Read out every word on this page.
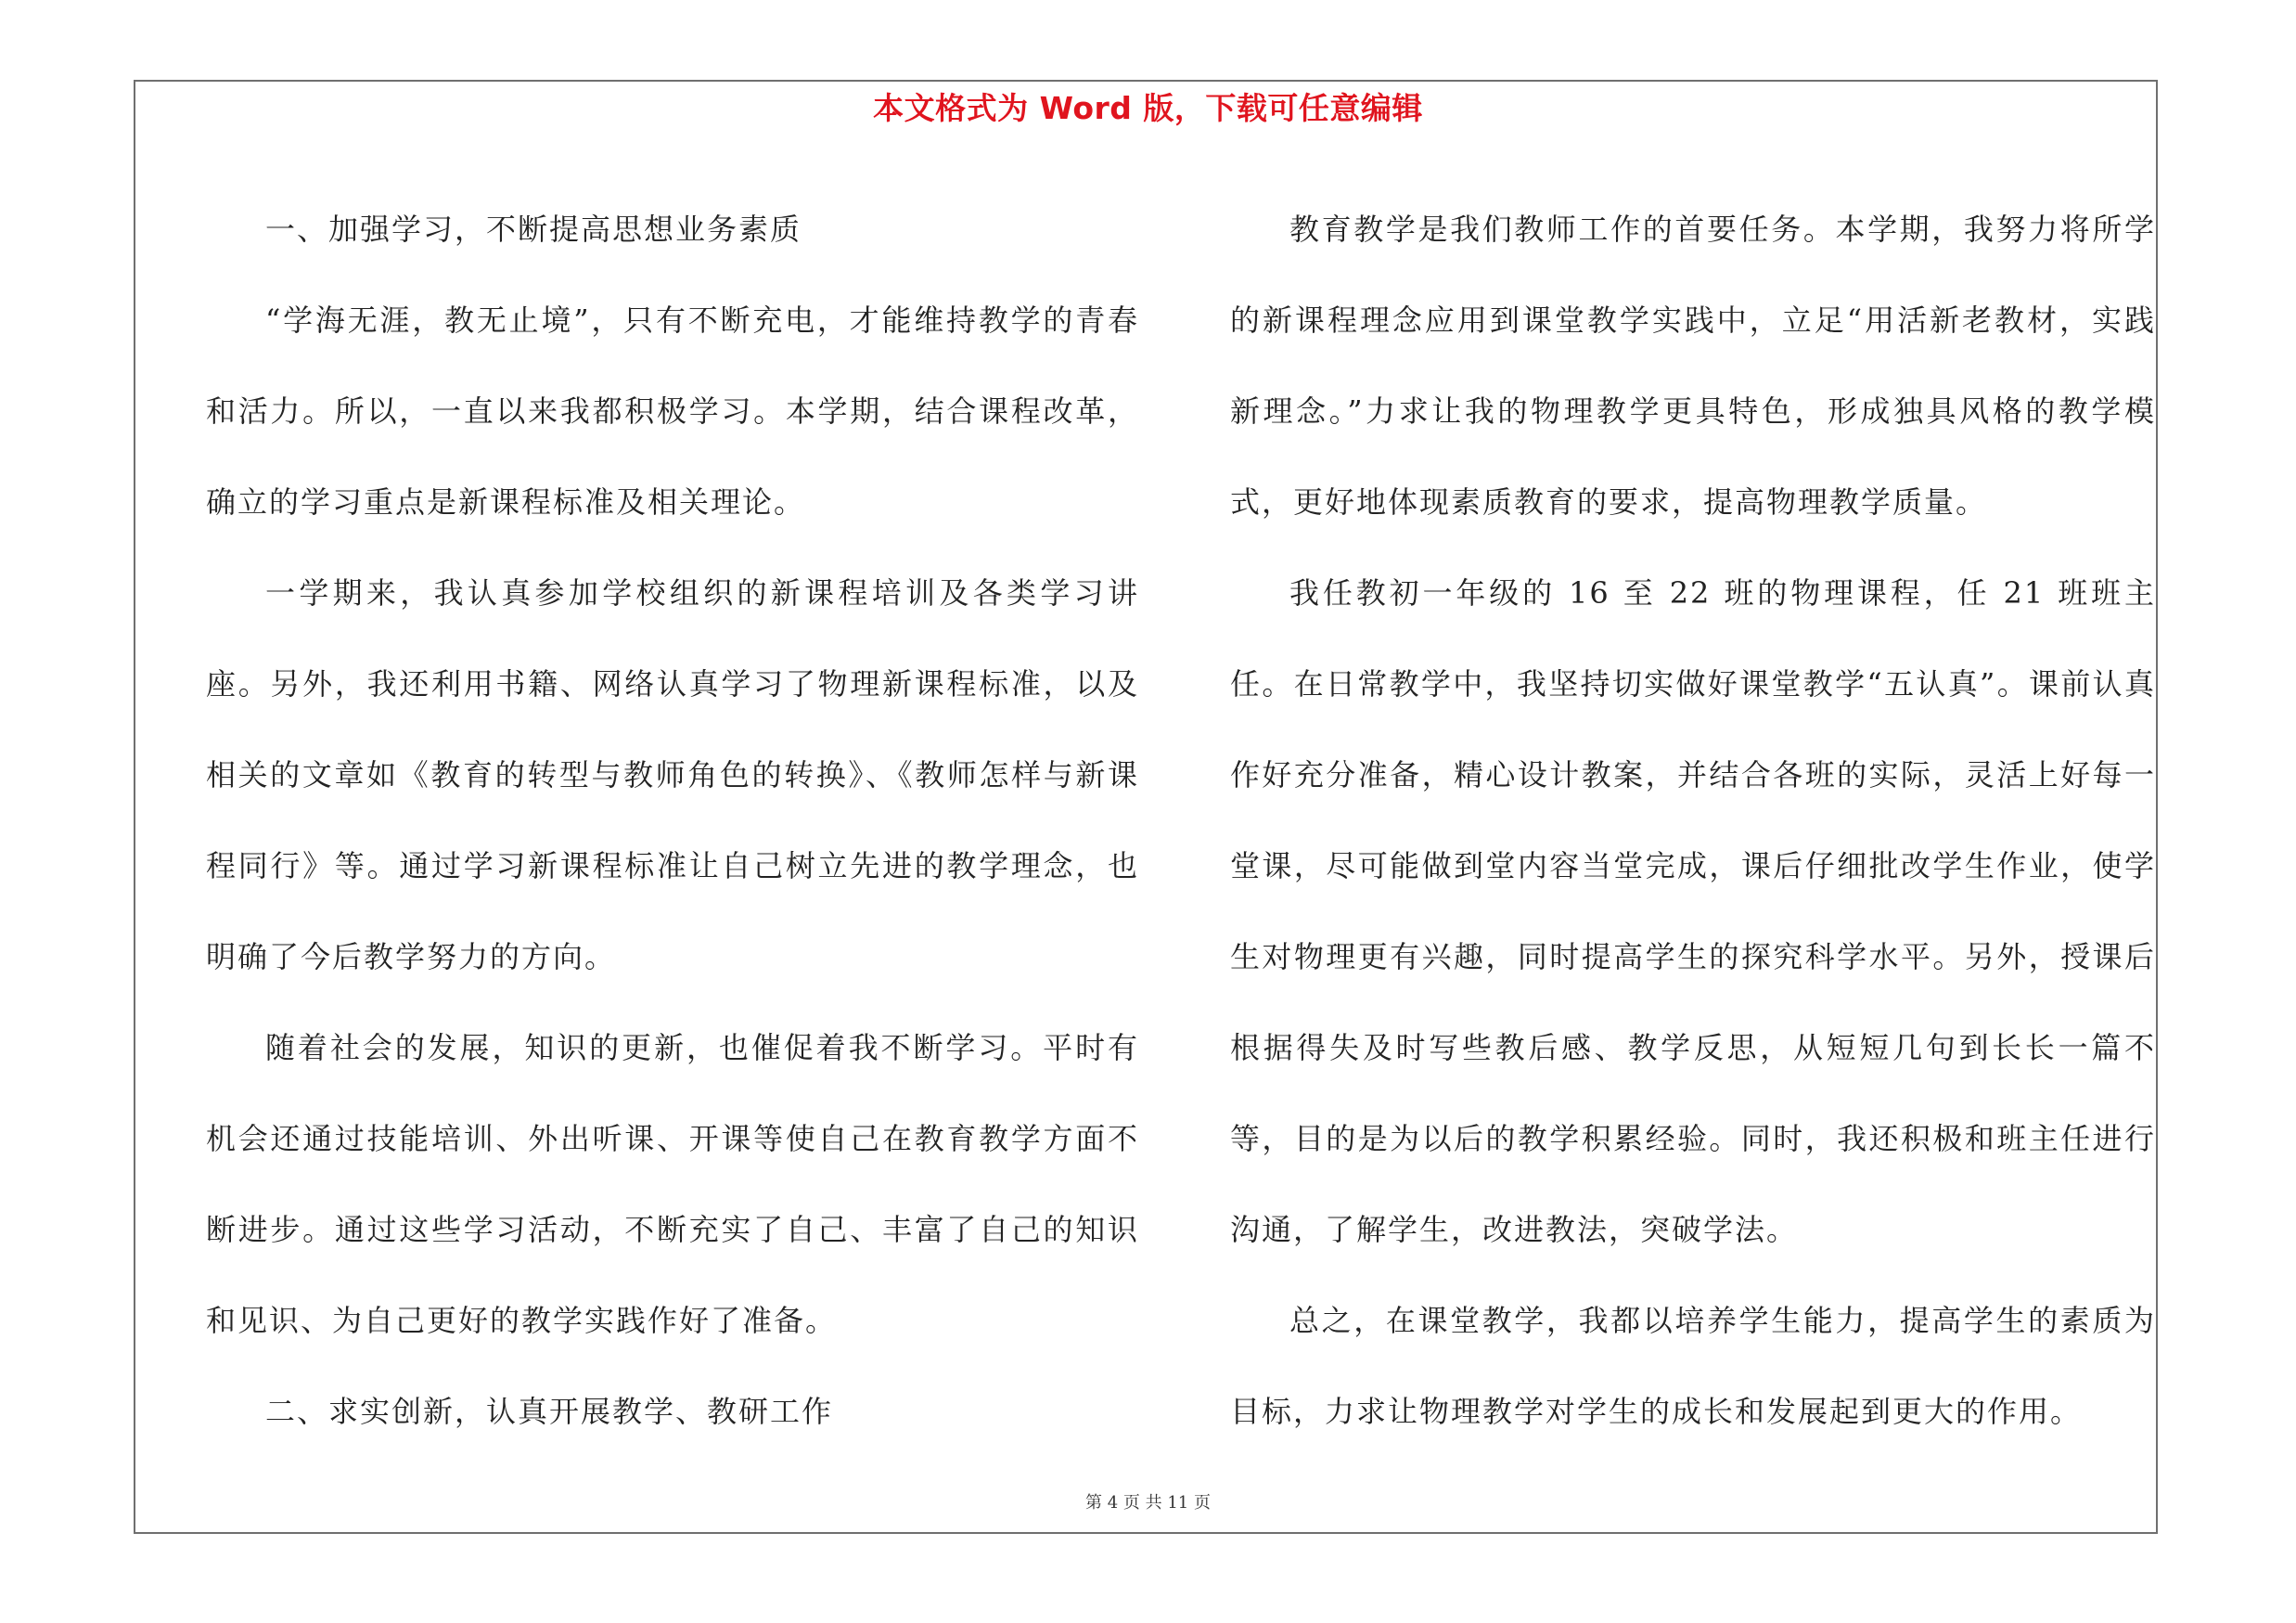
本文格式为 Word 版，下载可任意编辑

一、加强学习，不断提高思想业务素质

“学海无涯，教无止境”，只有不断充电，才能维持教学的青春和活力。所以，一直以来我都积极学习。本学期，结合课程改革，确立的学习重点是新课程标准及相关理论。

一学期来，我认真参加学校组织的新课程培训及各类学习讲座。另外，我还利用书籍、网络认真学习了物理新课程标准，以及相关的文章如《教育的转型与教师角色的转换》、《教师怎样与新课程同行》等。通过学习新课程标准让自己树立先进的教学理念，也明确了今后教学努力的方向。

随着社会的发展，知识的更新，也催促着我不断学习。平时有机会还通过技能培训、外出听课、开课等使自己在教育教学方面不断进步。通过这些学习活动，不断充实了自己、丰富了自己的知识和见识、为自己更好的教学实践作好了准备。

二、求实创新，认真开展教学、教研工作

教育教学是我们教师工作的首要任务。本学期，我努力将所学的新课程理念应用到课堂教学实践中，立足“用活新老教材，实践新理念。”力求让我的物理教学更具特色，形成独具风格的教学模式，更好地体现素质教育的要求，提高物理教学质量。

我任教初一年级的 16 至 22 班的物理课程，任 21 班班主任。在日常教学中，我坚持切实做好课堂教学“五认真”。课前认真作好充分准备，精心设计教案，并结合各班的实际，灵活上好每一堂课，尽可能做到堂内容当堂完成，课后仔细批改学生作业，使学生对物理更有兴趣，同时提高学生的探究科学水平。另外，授课后根据得失及时写些教后感、教学反思，从短短几句到长长一篇不等，目的是为以后的教学积累经验。同时，我还积极和班主任进行沟通，了解学生，改进教法，突破学法。

总之，在课堂教学，我都以培养学生能力，提高学生的素质为目标，力求让物理教学对学生的成长和发展起到更大的作用。

第 4 页 共 11 页
